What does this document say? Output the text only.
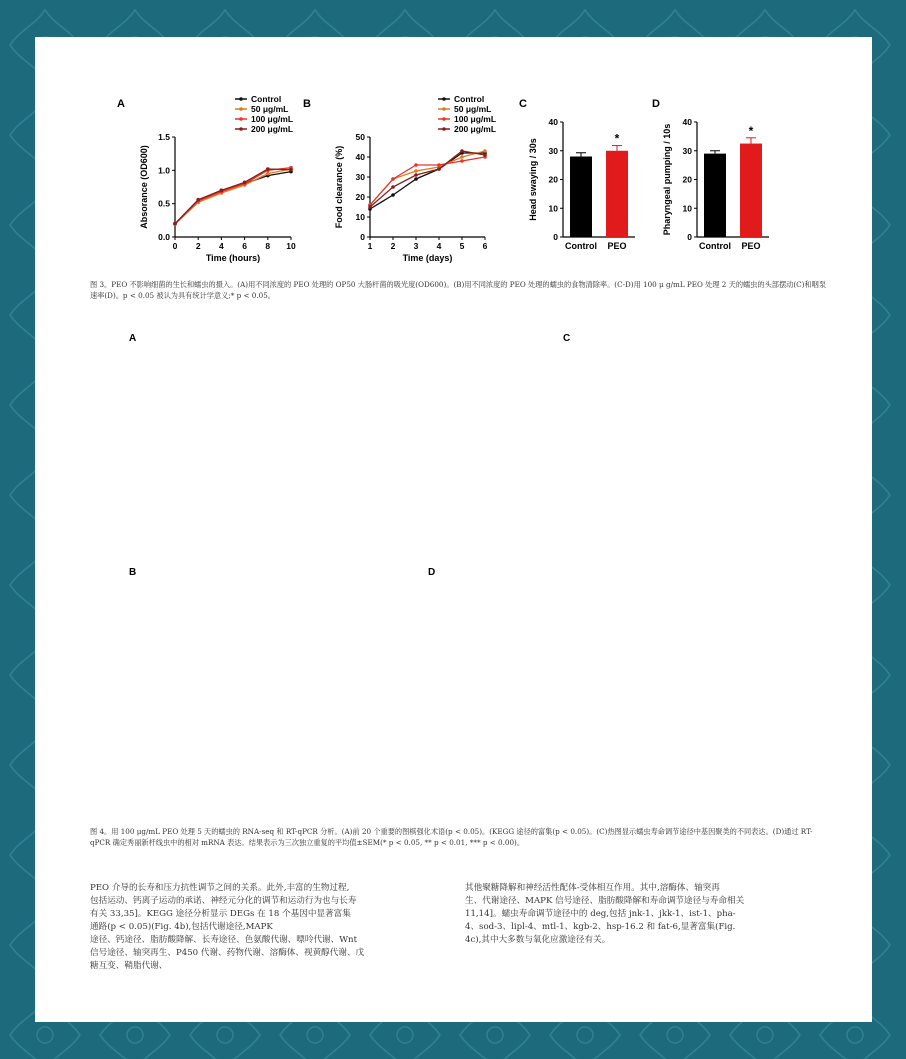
A	B	C	D
0.0
0.5
1.0
1.5
0 2 4 6 8 10
Time (hours)
Absorance (OD600)
Control
50 μg/mL
100 μg/mL
200 μg/mL
0
10
20
30
40
50
1 2 3 4 5 6
Time (days)
Food clearance (%)
Control
50 μg/mL
100 μg/mL
200 μg/mL
0
10
20
30
40
Head swaying / 30s
Control PEO
*
0
10
20
30
40
Pharyngeal pumping / 10s
Control PEO
*
图 3。PEO 不影响细菌的生长和蠕虫的摄入。(A)用不同浓度的 PEO 处理的 OP50 大肠杆菌的吸光度(OD600)。(B)用不同浓度的 PEO 处理的蠕虫的食物清除率。(C-D)用 100 μ g/mL PEO 处理 2 天的蠕虫的头部摆动(C)和咽泵速率(D)。p < 0.05 被认为具有统计学意义;* p < 0.05。
A	C
B	D
图 4。用 100 μg/mL PEO 处理 5 天的蠕虫的 RNA-seq 和 RT-qPCR 分析。(A)前 20 个重要的图棋强化术语(p < 0.05)。(KEGG 途径的富集(p < 0.05)。(C)热图显示蠕虫寿命调节途径中基因聚类的不同表达。(D)通过 RT-qPCR 确定秀丽新杆线虫中的相对 mRNA 表达。结果表示为三次独立重复的平均值±SEM(* p < 0.05, ** p < 0.01, *** p < 0.00)。
PEO 介导的长寿和压力抗性调节之间的关系。此外,丰富的生物过程,
包括运动、钙离子运动的承诺、神经元分化的调节和运动行为也与长寿
有关 33,35]。KEGG 途径分析显示 DEGs 在 18 个基因中显著富集
通路(p < 0.05)(Fig. 4b),包括代谢途径,MAPK
途径、钙途径、脂肪酸降解、长寿途径、色氨酸代谢、嘌呤代谢、Wnt
信号途径、轴突再生、P450 代谢、药物代谢、溶酶体、视黄醇代谢、戊
糖互变、鞘脂代谢、
其他聚糖降解和神经活性配体-受体相互作用。其中,溶酶体、轴突再
生、代谢途径、MAPK 信号途径、脂肪酸降解和寿命调节途径与寿命相关
11,14]。蠕虫寿命调节途径中的 deg,包括 jnk-1、jkk-1、ist-1、pha-
4、sod-3、lipl-4、mtl-1、kgb-2、hsp-16.2 和 fat-6,显著富集(Fig.
4c),其中大多数与氧化应激途径有关。
